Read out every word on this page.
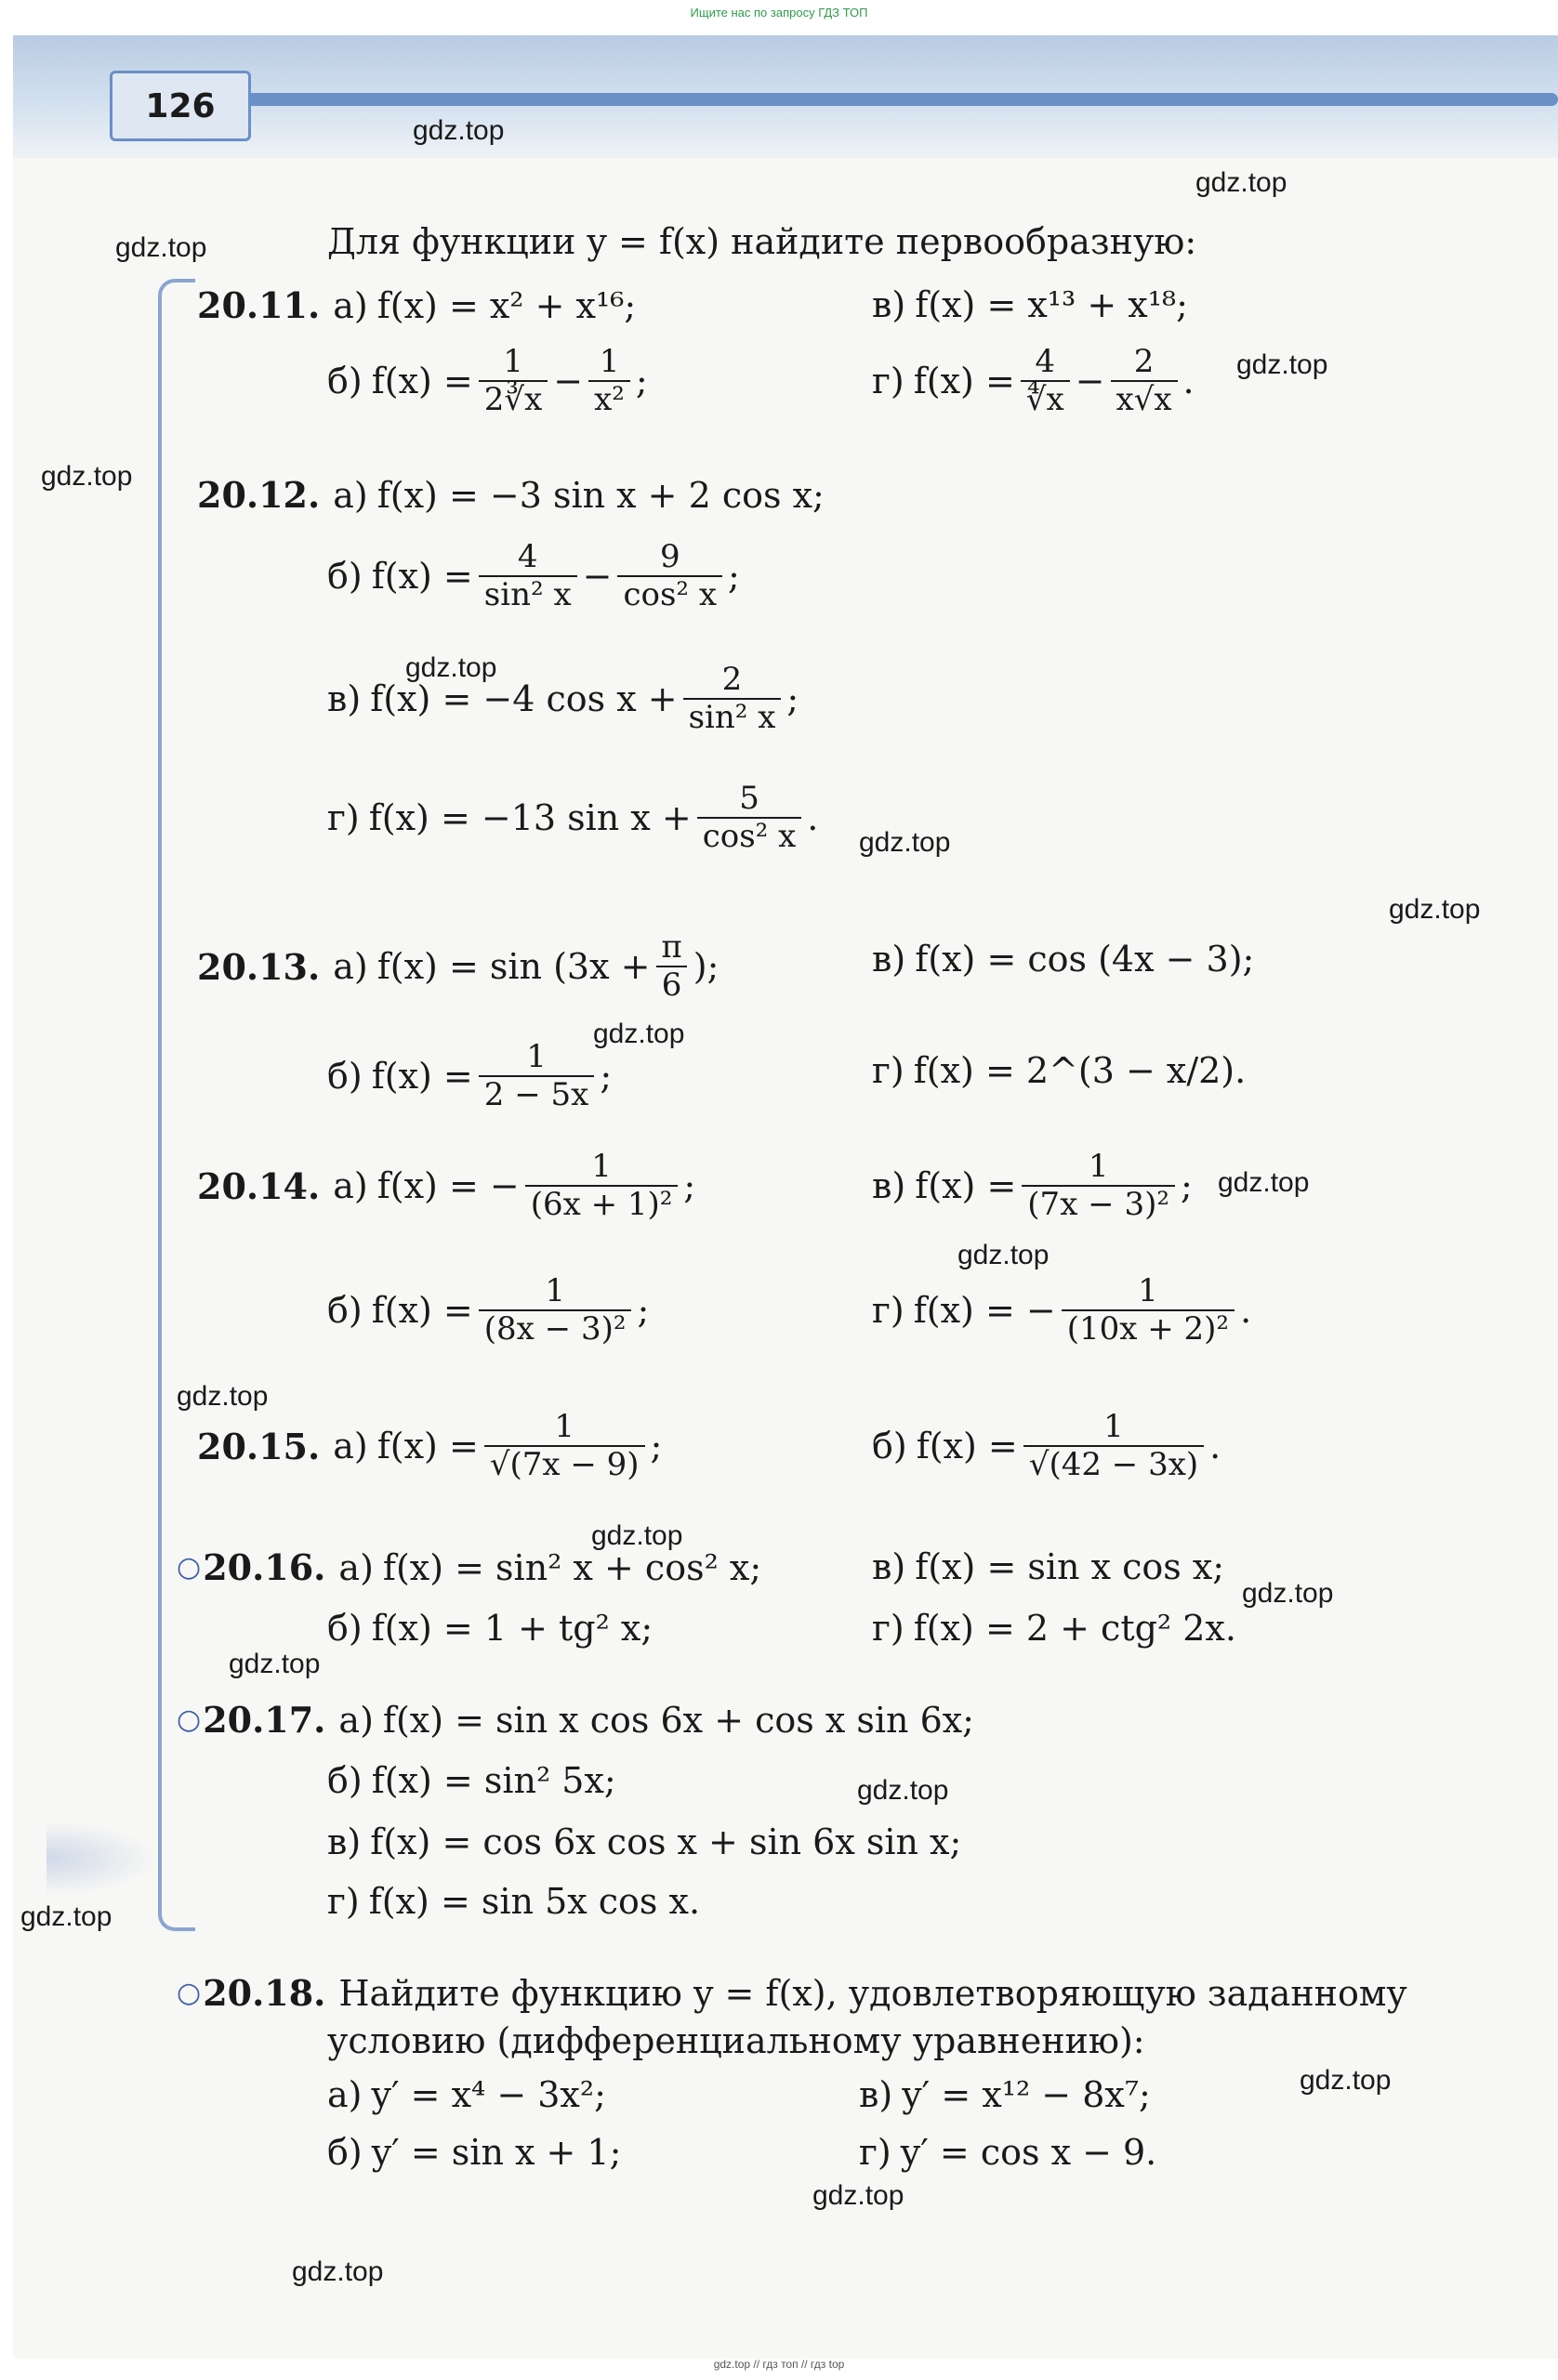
Ищите нас по запросу ГДЗ ТОП
126
Для функции y = f(x) найдите первообразную:
20.11. а) f(x) = x² + x¹⁶;	в) f(x) = x¹³ + x¹⁸;
б) $f(x) = \frac{1}{2∛x} - \frac{1}{\text{x²}}$ ;	г) $f(x) = \frac{4}{∜x} - \frac{2}{x√x}$ .
20.12. а) f(x) = −3 sin x + 2 cos x;
б) $f(x) = \frac{4}{\text{sin² x}} - \frac{9}{\text{cos² x}}$ ;
в) f(x) = −4 $\cos x + \frac{2}{\text{sin² x}}$ ;
г) f(x) = −13 $\sin x + \frac{5}{\text{cos² x}}$ .
20.13. а) $f(x) = \sin (3x + \frac{\pi}{6}$ );	в) f(x) = cos (4x − 3);
б) $f(x) = \frac{1}{2 - 5x}$ ;	г) f(x) = 2^(3 − x/2).
20.14. а) f(x) = − $\frac{1}{\text{(6x + 1)²}}$ ;	в) $f(x) = \frac{1}{\text{(7x − 3)²}}$ ;
б) $f(x) = \frac{1}{\text{(8x − 3)²}}$ ;	г) f(x) = − $\frac{1}{\text{(10x + 2)²}}$ .
20.15. а) $f(x) = \frac{1}{√(7x - 9)}$ ;	б) $f(x) = \frac{1}{√(42 - 3x)}$ .
○ 20.16. а) f(x) = sin² x + cos² x;	в) f(x) = sin x cos x;
б) f(x) = 1 + tg² x;	г) f(x) = 2 + ctg² 2x.
○ 20.17. а) f(x) = sin x cos 6x + cos x sin 6x;
б) f(x) = sin² 5x;
в) f(x) = cos 6x cos x + sin 6x sin x;
г) f(x) = sin 5x cos x.
○ 20.18. Найдите функцию y = f(x), удовлетворяющую заданному
условию (дифференциальному уравнению):
а) y′ = x⁴ − 3x²;	в) y′ = x¹² − 8x⁷;
б) y′ = sin x + 1;	г) y′ = cos x − 9.
gdz.top
gdz.top
gdz.top
gdz.top
gdz.top
gdz.top
gdz.top
gdz.top
gdz.top
gdz.top
gdz.top
gdz.top
gdz.top
gdz.top
gdz.top
gdz.top
gdz.top
gdz.top
gdz.top
gdz.top
gdz.top // гдз топ // гдз top
